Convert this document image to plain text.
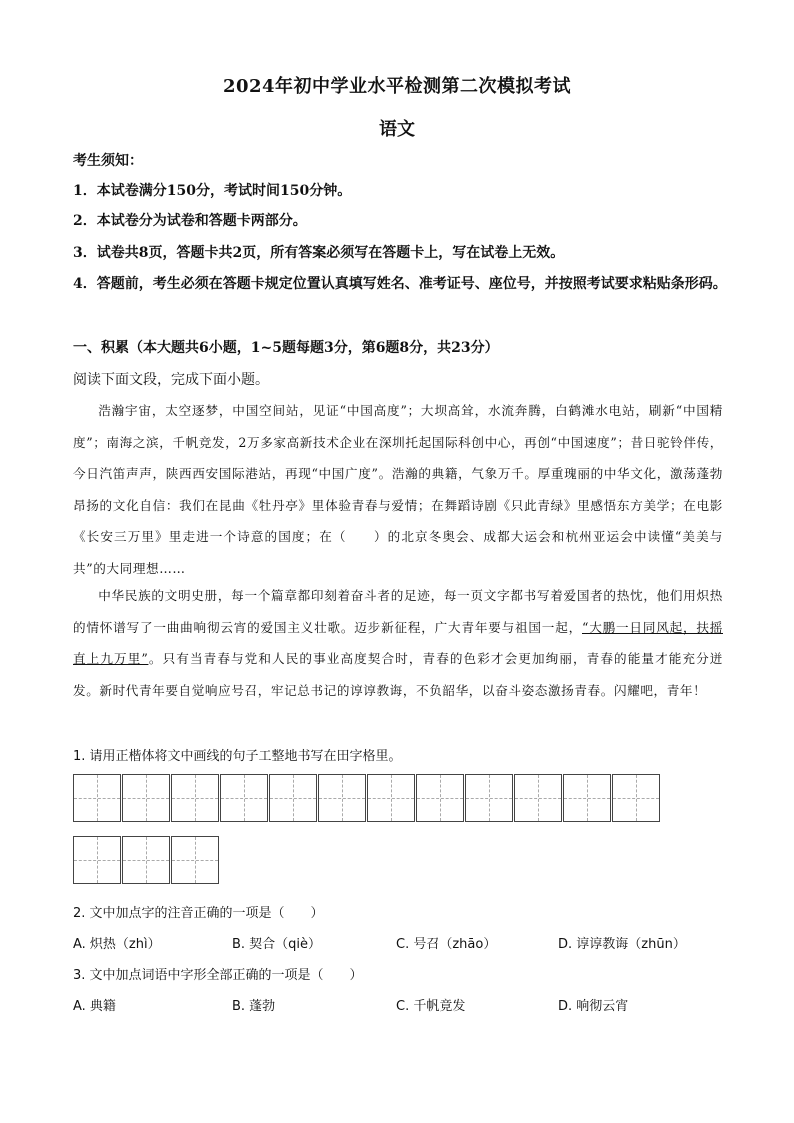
2024年初中学业水平检测第二次模拟考试
语文
考生须知：
1．本试卷满分150分，考试时间150分钟。
2．本试卷分为试卷和答题卡两部分。
3．试卷共8页，答题卡共2页，所有答案必须写在答题卡上，写在试卷上无效。
4．答题前，考生必须在答题卡规定位置认真填写姓名、准考证号、座位号，并按照考试要求粘贴条形码。
一、积累（本大题共6小题，1~5题每题3分，第6题8分，共23分）
阅读下面文段，完成下面小题。
浩瀚宇宙，太空逐梦，中国空间站，见证“中国高度”；大坝高耸，水流奔腾，白鹤滩水电站，刷新“中国精度”；南海之滨，千帆竞发，2万多家高新技术企业在深圳托起国际科创中心，再创“中国速度”；昔日驼铃伴传，今日汽笛声声，陕西西安国际港站，再现“中国广度”。浩瀚的典籍，气象万千。厚重瑰丽的中华文化，激荡蓬勃昂扬的文化自信：我们在昆曲《牡丹亭》里体验青春与爱情；在舞蹈诗剧《只此青绿》里感悟东方美学；在电影《长安三万里》里走进一个诗意的国度；在（　　）的北京冬奥会、成都大运会和杭州亚运会中读懂“美美与共”的大同理想……
中华民族的文明史册，每一个篇章都印刻着奋斗者的足迹，每一页文字都书写着爱国者的热忱，他们用炽热的情怀谱写了一曲曲响彻云宵的爱国主义壮歌。迈步新征程，广大青年要与祖国一起，“大鹏一日同风起，扶摇直上九万里”。只有当青春与党和人民的事业高度契合时，青春的色彩才会更加绚丽，青春的能量才能充分迸发。新时代青年要自觉响应号召，牢记总书记的谆谆教诲，不负韶华，以奋斗姿态激扬青春。闪耀吧，青年！
1. 请用正楷体将文中画线的句子工整地书写在田字格里。
2. 文中加点字的注音正确的一项是（　　）
A. 炽热（zhì）	B. 契合（qiè）	C. 号召（zhāo）	D. 谆谆教诲（zhūn）
3. 文中加点词语中字形全部正确的一项是（　　）
A. 典籍	B. 蓬勃	C. 千帆竟发	D. 响彻云宵
